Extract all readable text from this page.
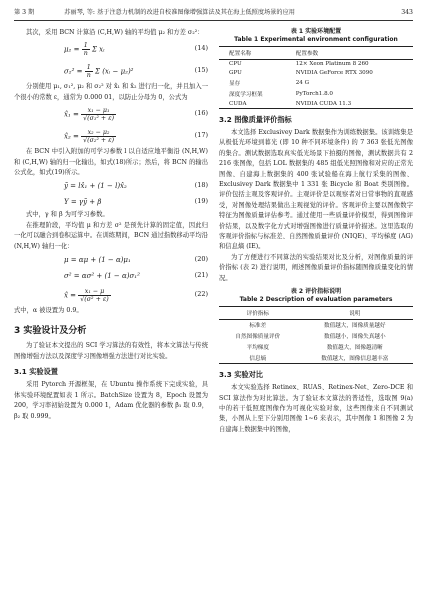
第 3 期	苏丽琴, 等: 基于注意力机制的改进自校准图像增强算法及其在海上低照度场景的应用	343

其次，采用 BCN 计算沿 (C,H,W) 轴的平均值 μ₂ 和方差 σ₂²：

$\mu_2 = \frac{1}{n}$ Σ xᵢ	(14)
$\sigma_2^2 = \frac{1}{n}$ Σ (xᵢ − μ₂)²	(15)

分别使用 μ₁, σ₁², μ₂ 和 σ₂² 对 x̂₁ 和 x̂₂ 进行归一化，并且加入一个很小的常数 ε，通常为 0.000 01，以防止分母为 0，公式为

x̂₁ = $\frac{\text{x₁ − μ₁}}{\text{√(σ₁² + ε)}}$	(16)
x̂₂ = $\frac{\text{x₂ − μ₂}}{\text{√(σ₂² + ε)}}$	(17)

在 BCN 中引入附加的可学习参数 l 以自适应地平衡沿 (N,H,W) 和 (C,H,W) 轴的归一化输出，如式(18)所示；然后，将 BCN 的输出公式化，如式(19)所示。

ỹ = lx̂₁ + (1 − l)x̂₂	(18)
Y = γỹ + β	(19)

式中，γ 和 β 为可学习参数。

在推理阶段，平均值 μ 和方差 σ² 是预先计算的固定值，因此归一化可以融合到卷积运算中。在训练期间，BCN 通过指数移动平均沿 (N,H,W) 轴归一化：

μ = αμ + (1 − α)μ₁	(20)
σ² = ασ² + (1 − α)σ₁²	(21)
x̂ = $\frac{\text{x₁ − μ}}{\text{√(σ² + ε)}}$	(22)

式中，α 被设置为 0.9。

3 实验设计及分析

为了验证本文提出的 SCI 学习算法的有效性，将本文算法与传统图像增强方法以及深度学习图像增强方法进行对比实验。

3.1 实验设置

采用 Pytorch 开源框架，在 Ubuntu 操作系统下完成实验，具体实验环境配置如表 1 所示。BatchSize 设置为 8，Epoch 设置为 200，学习率初始设置为 0.000 1，Adam 优化器的参数 β₁ 取 0.9，β₂ 取 0.999。

表 1 实验环境配置
Table 1 Experimental environment configuration
配置名称	配置参数
CPU	12× Xeon Platinum 8 260
GPU	NVIDIA GeForce RTX 3090
显存	24 G
深度学习框架	PyTorch1.8.0
CUDA	NVIDIA CUDA 11.3
3.2 图像质量评价指标

本文选择 Exclusivey Dark 数据集作为训练数据集。该训练集是从极低光环境到暮光 (即 10 种不同环境条件) 的 7 363 张低光图像的集合。测试数据选取真实低光场景下拍摄的图像，测试数据共有 2 216 张图像，包括 LOL 数据集的 485 组低光照图像和对应的正常光图像、自建海上数据集的 400 张试验船在海上航行采集的图像、Exclusivey Dark 数据集中 1 331 张 Bicycle 和 Boat 类别图像。评价包括主观及客观评价。主观评价是以观察者对日常事物的直观感受，对图像处理结果做出主观视觉的评价。客观评价主要以图像数字特征为图像质量评估参考。通过使用一些质量评价模型，得到图像评价结果，以及数字化方式对增强图像进行质量评价描述。这里选取的客观评价指标与标准差、自然图像质量评价 (NIQE)、平均梯度 (AG) 和信息熵 (IE)。

为了方便进行不同算法的实验结果对比及分析，对图像质量的评价指标 (表 2) 进行说明，阐述图像质量评价指标随图像质量变化的情况。

表 2 评价指标说明
Table 2 Description of evaluation parameters
评价指标	说明
标准差	数值越大，图像质量越好
自然图像质量评价	数值越小，图像失真越小
平均梯度	数值越大，图像越清晰
信息熵	数值越大，图像信息越丰富
3.3 实验对比

本文实验选择 Retinex、RUAS、Retinex-Net、Zero-DCE 和 SCI 算法作为对比算法。为了验证本文算法的普适性，选取图 9(a) 中的若干低照度图像作为可视化实验对象，这些图像来自不同测试集，小图从上至下分别用图像 1~6 来表示，其中图像 1 和图像 2 为自建海上数据集中的图像，
